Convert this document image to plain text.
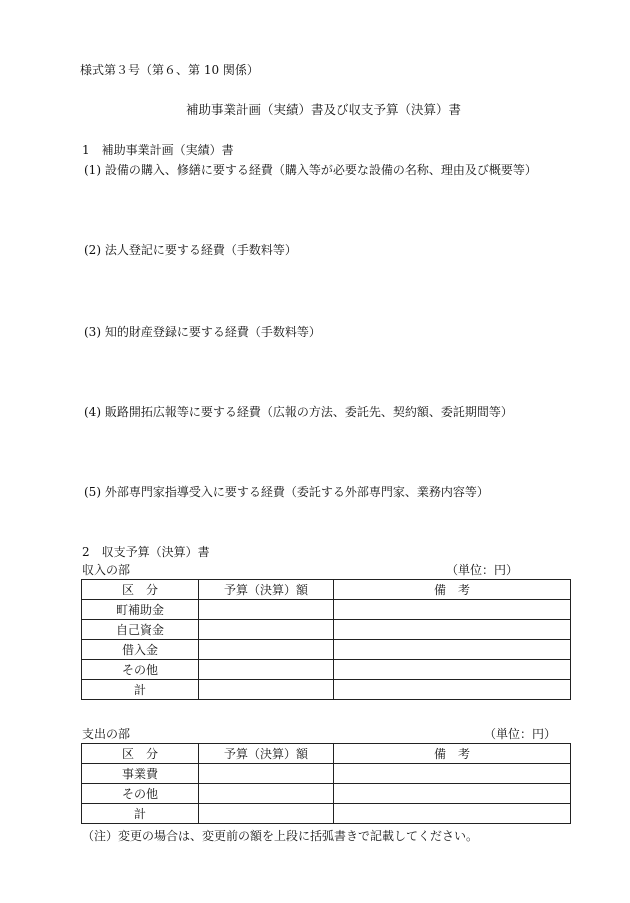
様式第３号（第６、第 10 関係）
補助事業計画（実績）書及び収支予算（決算）書
1　補助事業計画（実績）書
(1) 設備の購入、修繕に要する経費（購入等が必要な設備の名称、理由及び概要等）
(2) 法人登記に要する経費（手数料等）
(3) 知的財産登録に要する経費（手数料等）
(4) 販路開拓広報等に要する経費（広報の方法、委託先、契約額、委託期間等）
(5) 外部専門家指導受入に要する経費（委託する外部専門家、業務内容等）
2　収支予算（決算）書
収入の部	（単位：円）
区　分	予算（決算）額	備　考
町補助金		
自己資金		
借入金		
その他		
計		
支出の部	（単位：円）
区　分	予算（決算）額	備　考
事業費		
その他		
計		
（注）変更の場合は、変更前の額を上段に括弧書きで記載してください。
